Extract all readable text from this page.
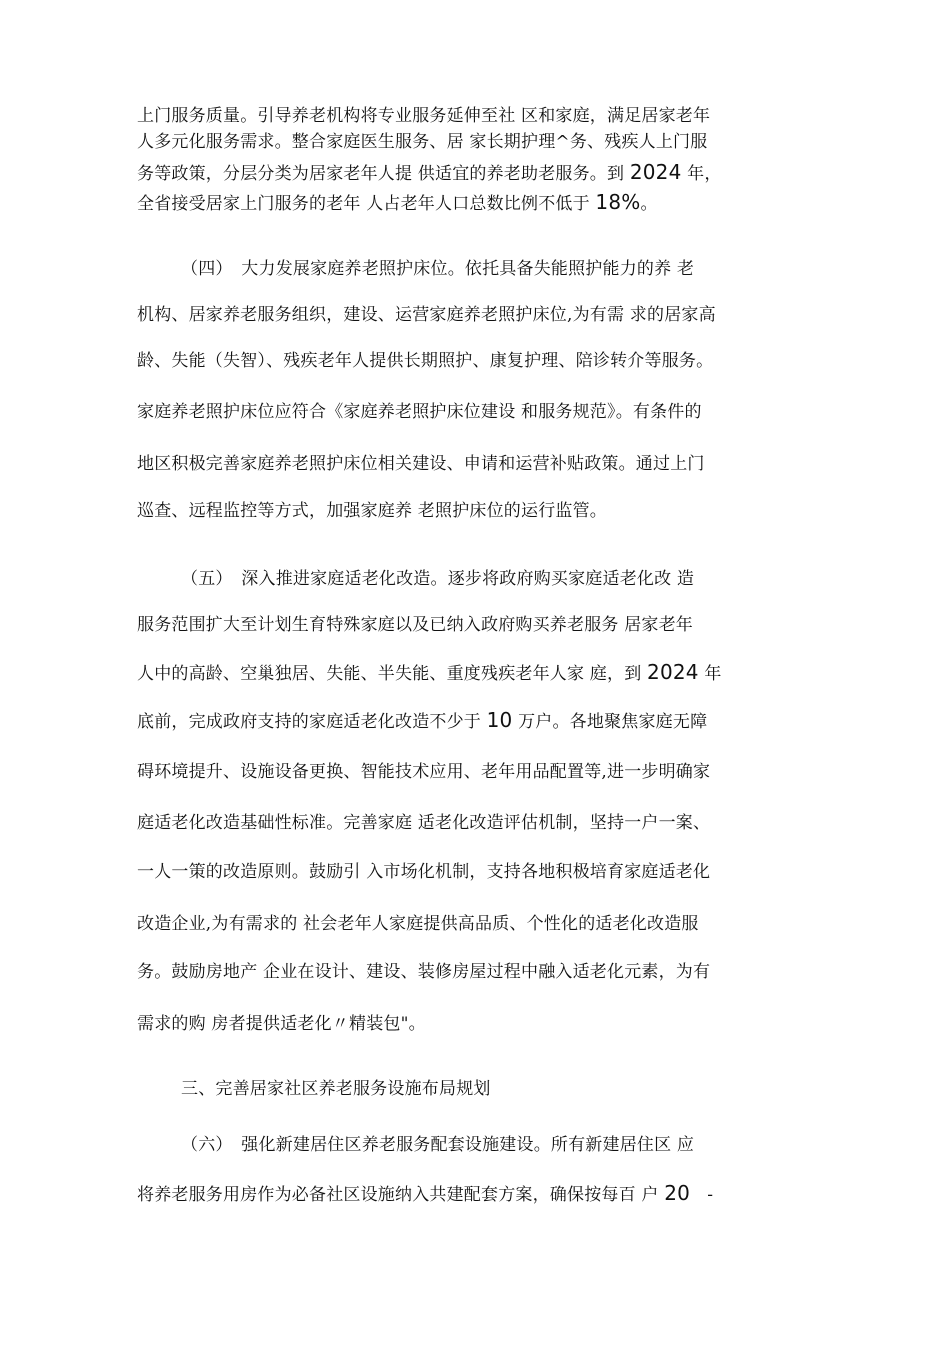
上门服务质量。引导养老机构将专业服务延伸至社 区和家庭，满足居家老年
人多元化服务需求。整合家庭医生服务、居 家长期护理^务、残疾人上门服
务等政策，分层分类为居家老年人提 供适宜的养老助老服务。到 2024 年，
全省接受居家上门服务的老年 人占老年人口总数比例不低于 18%。
（四）　大力发展家庭养老照护床位。依托具备失能照护能力的养 老
机构、居家养老服务组织，建设、运营家庭养老照护床位,为有需 求的居家高
龄、失能（失智）、残疾老年人提供长期照护、康复护理、陪诊转介等服务。
家庭养老照护床位应符合《家庭养老照护床位建设 和服务规范》。有条件的
地区积极完善家庭养老照护床位相关建设、申请和运营补贴政策。通过上门
巡查、远程监控等方式，加强家庭养 老照护床位的运行监管。
（五）　深入推进家庭适老化改造。逐步将政府购买家庭适老化改 造
服务范围扩大至计划生育特殊家庭以及已纳入政府购买养老服务 居家老年
人中的高龄、空巢独居、失能、半失能、重度残疾老年人家 庭，到 2024 年
底前，完成政府支持的家庭适老化改造不少于 10 万户。各地聚焦家庭无障
碍环境提升、设施设备更换、智能技术应用、老年用品配置等,进一步明确家
庭适老化改造基础性标准。完善家庭 适老化改造评估机制，坚持一户一案、
一人一策的改造原则。鼓励引 入市场化机制，支持各地积极培育家庭适老化
改造企业,为有需求的 社会老年人家庭提供高品质、个性化的适老化改造服
务。鼓励房地产 企业在设计、建设、装修房屋过程中融入适老化元素，为有
需求的购 房者提供适老化〃精装包"。
三、完善居家社区养老服务设施布局规划
（六）　强化新建居住区养老服务配套设施建设。所有新建居住区 应
将养老服务用房作为必备社区设施纳入共建配套方案，确保按每百 户 20　-
